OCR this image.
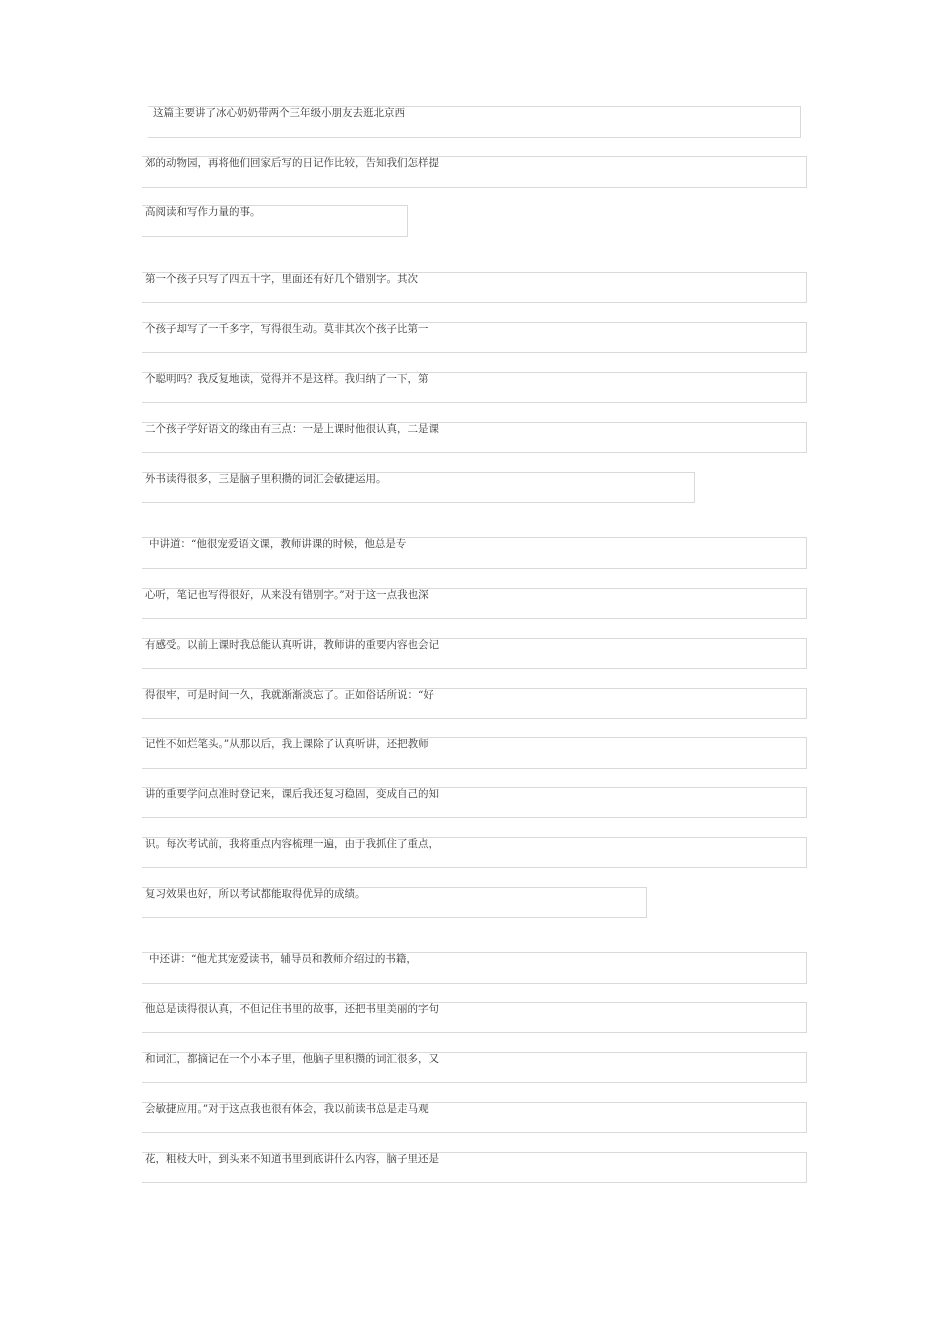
这篇主要讲了冰心奶奶带两个三年级小朋友去逛北京西
郊的动物园，再将他们回家后写的日记作比较，告知我们怎样提
高阅读和写作力量的事。
第一个孩子只写了四五十字，里面还有好几个错别字。其次
个孩子却写了一千多字，写得很生动。莫非其次个孩子比第一
个聪明吗？我反复地读，觉得并不是这样。我归纳了一下，第
二个孩子学好语文的缘由有三点：一是上课时他很认真，二是课
外书读得很多，三是脑子里积攒的词汇会敏捷运用。
中讲道：“他很宠爱语文课，教师讲课的时候，他总是专
心听，笔记也写得很好，从来没有错别字。”对于这一点我也深
有感受。以前上课时我总能认真听讲，教师讲的重要内容也会记
得很牢，可是时间一久，我就渐渐淡忘了。正如俗话所说：“好
记性不如烂笔头。”从那以后，我上课除了认真听讲，还把教师
讲的重要学问点准时登记来，课后我还复习稳固，变成自己的知
识。每次考试前，我将重点内容梳理一遍，由于我抓住了重点，
复习效果也好，所以考试都能取得优异的成绩。
中还讲：“他尤其宠爱读书，辅导员和教师介绍过的书籍，
他总是读得很认真，不但记住书里的故事，还把书里美丽的字句
和词汇，都摘记在一个小本子里，他脑子里积攒的词汇很多，又
会敏捷应用。”对于这点我也很有体会，我以前读书总是走马观
花，粗枝大叶，到头来不知道书里到底讲什么内容，脑子里还是
